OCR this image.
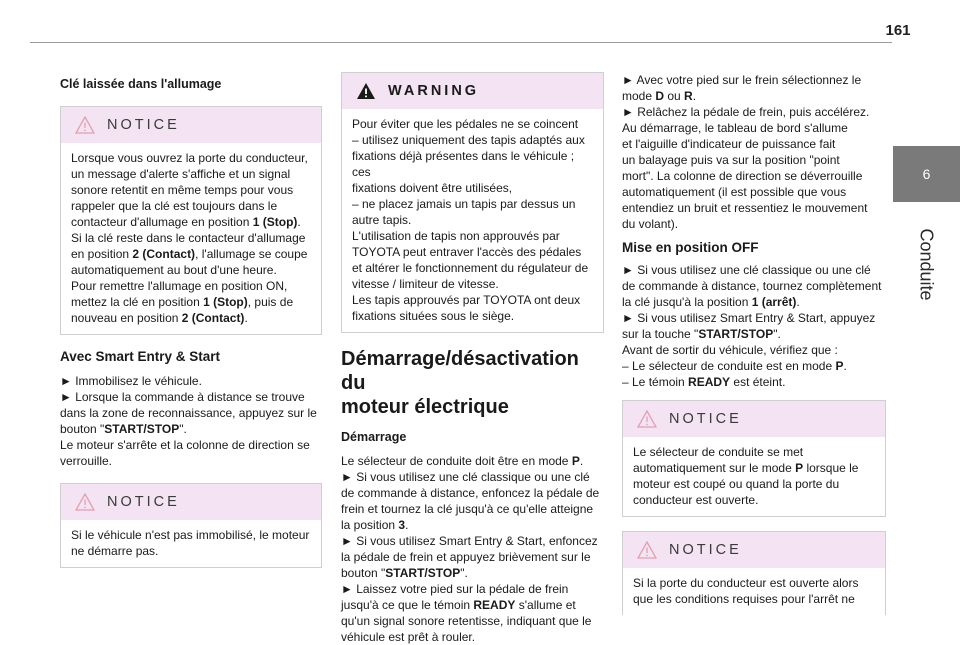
161
6
Conduite

Clé laissée dans l'allumage

NOTICE
Lorsque vous ouvrez la porte du conducteur,
un message d'alerte s'affiche et un signal
sonore retentit en même temps pour vous
rappeler que la clé est toujours dans le
contacteur d'allumage en position 1 (Stop).
Si la clé reste dans le contacteur d'allumage
en position 2 (Contact), l'allumage se coupe
automatiquement au bout d'une heure.
Pour remettre l'allumage en position ON,
mettez la clé en position 1 (Stop), puis de
nouveau en position 2 (Contact).

Avec Smart Entry & Start

► Immobilisez le véhicule.
► Lorsque la commande à distance se trouve
dans la zone de reconnaissance, appuyez sur le
bouton "START/STOP".
Le moteur s'arrête et la colonne de direction se
verrouille.
NOTICE
Si le véhicule n'est pas immobilisé, le moteur
ne démarre pas.
WARNING
Pour éviter que les pédales ne se coincent
– utilisez uniquement des tapis adaptés aux
fixations déjà présentes dans le véhicule ; ces
fixations doivent être utilisées,
– ne placez jamais un tapis par dessus un
autre tapis.
L'utilisation de tapis non approuvés par
TOYOTA peut entraver l'accès des pédales
et altérer le fonctionnement du régulateur de
vitesse / limiteur de vitesse.
Les tapis approuvés par TOYOTA ont deux
fixations situées sous le siège.

Démarrage/désactivation du
moteur électrique

Démarrage

Le sélecteur de conduite doit être en mode P.
► Si vous utilisez une clé classique ou une clé
de commande à distance, enfoncez la pédale de
frein et tournez la clé jusqu'à ce qu'elle atteigne
la position 3.
► Si vous utilisez Smart Entry & Start, enfoncez
la pédale de frein et appuyez brièvement sur le
bouton "START/STOP".
► Laissez votre pied sur la pédale de frein
jusqu'à ce que le témoin READY s'allume et
qu'un signal sonore retentisse, indiquant que le
véhicule est prêt à rouler.
► Avec votre pied sur le frein sélectionnez le
mode D ou R.
► Relâchez la pédale de frein, puis accélérez.
Au démarrage, le tableau de bord s'allume
et l'aiguille d'indicateur de puissance fait
un balayage puis va sur la position "point
mort". La colonne de direction se déverrouille
automatiquement (il est possible que vous
entendiez un bruit et ressentiez le mouvement
du volant).

Mise en position OFF

► Si vous utilisez une clé classique ou une clé
de commande à distance, tournez complètement
la clé jusqu'à la position 1 (arrêt).
► Si vous utilisez Smart Entry & Start, appuyez
sur la touche "START/STOP".
Avant de sortir du véhicule, vérifiez que :
– Le sélecteur de conduite est en mode P.
– Le témoin READY est éteint.
NOTICE
Le sélecteur de conduite se met
automatiquement sur le mode P lorsque le
moteur est coupé ou quand la porte du
conducteur est ouverte.
NOTICE
Si la porte du conducteur est ouverte alors
que les conditions requises pour l'arrêt ne
